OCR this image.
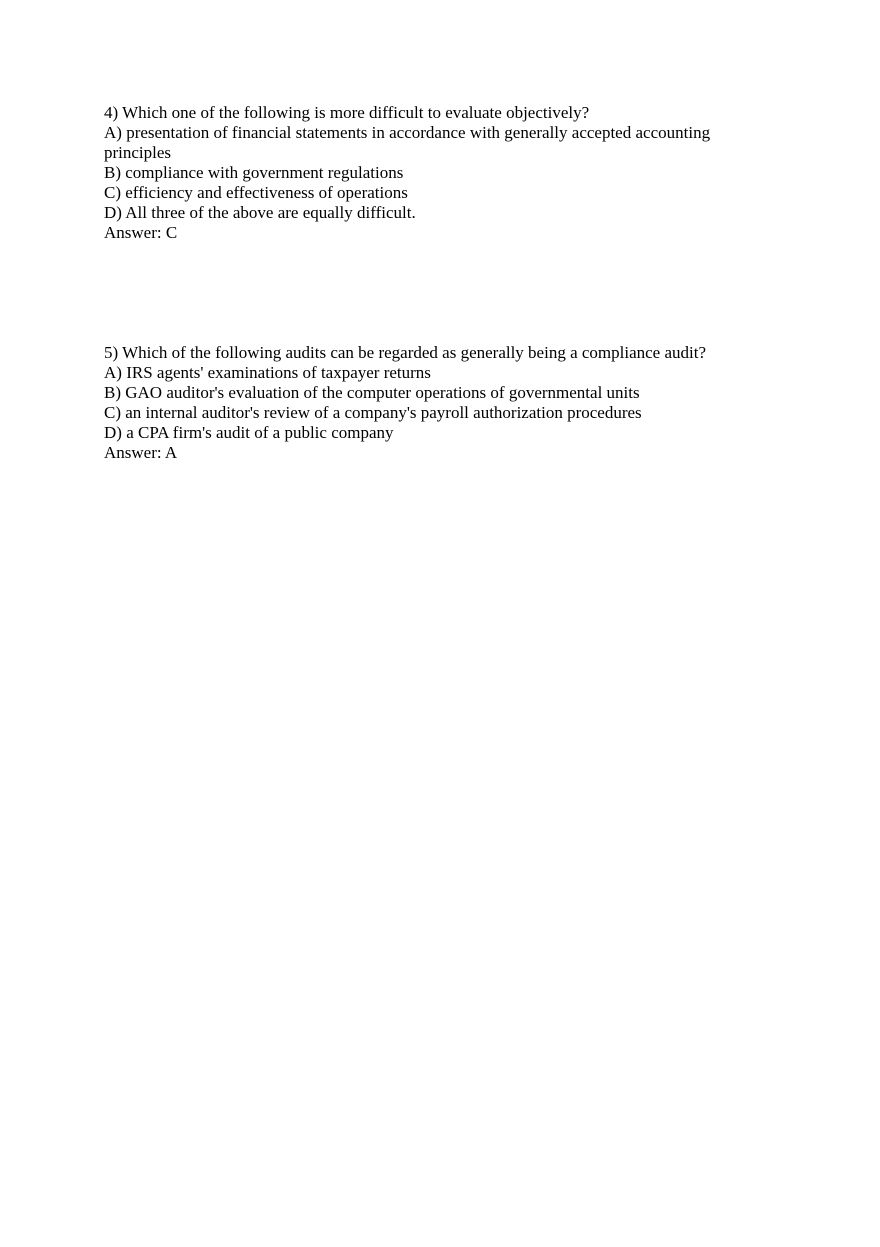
4) Which one of the following is more difficult to evaluate objectively?
A) presentation of financial statements in accordance with generally accepted accounting principles
B) compliance with government regulations
C) efficiency and effectiveness of operations
D) All three of the above are equally difficult.
Answer: C
5) Which of the following audits can be regarded as generally being a compliance audit?
A) IRS agents' examinations of taxpayer returns
B) GAO auditor's evaluation of the computer operations of governmental units
C) an internal auditor's review of a company's payroll authorization procedures
D) a CPA firm's audit of a public company
Answer: A
